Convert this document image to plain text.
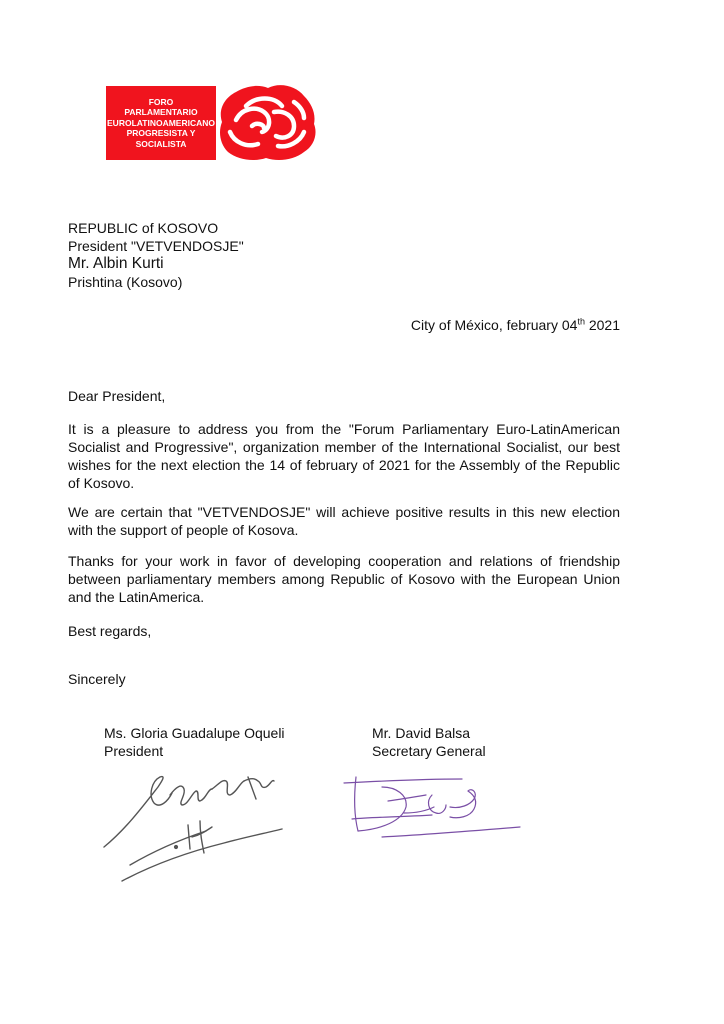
FORO
PARLAMENTARIO
EUROLATINOAMERICANO
PROGRESISTA Y
SOCIALISTA
REPUBLIC of KOSOVO
President "VETVENDOSJE"
Mr. Albin Kurti
Prishtina (Kosovo)
City of México, february 04th 2021
Dear President,
It is a pleasure to address you from the "Forum Parliamentary Euro-LatinAmerican Socialist and Progressive", organization member of the International Socialist, our best wishes for the next election the 14 of february of 2021 for the Assembly of the Republic of Kosovo.
We are certain that "VETVENDOSJE" will achieve positive results in this new election with the support of people of Kosova.
Thanks for your work in favor of developing cooperation and relations of friendship between parliamentary members among Republic of Kosovo with the European Union and the LatinAmerica.
Best regards,
Sincerely
Ms. Gloria Guadalupe Oqueli
President
Mr. David Balsa
Secretary General
